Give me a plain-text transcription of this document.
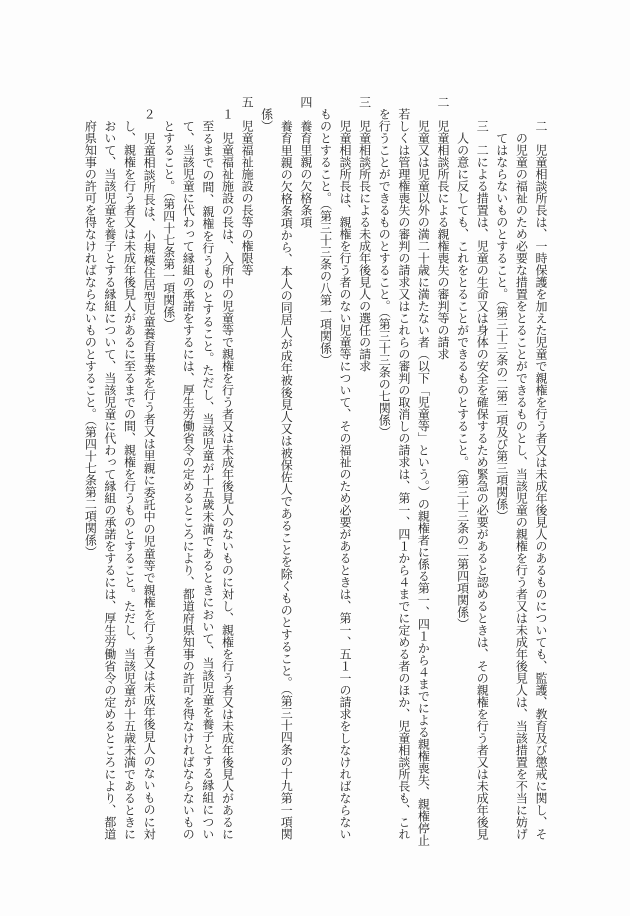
二児童相談所長は、一時保護を加えた児童で親権を行う者又は未成年後見人のあるものについても、監護、教育及び懲戒に関し、そ
の児童の福祉のため必要な措置をとることができるものとし、当該児童の親権を行う者又は未成年後見人は、当該措置を不当に妨げ
てはならないものとすること。（第三十三条の二第二項及び第三項関係）
三二による措置は、児童の生命又は身体の安全を確保するため緊急の必要があると認めるときは、その親権を行う者又は未成年後見
人の意に反しても、これをとることができるものとすること。（第三十三条の二第四項関係）
二児童相談所長による親権喪失の審判等の請求
児童又は児童以外の満二十歳に満たない者（以下「児童等」という。）の親権者に係る第一、四１から４までによる親権喪失、親権停止
若しくは管理権喪失の審判の請求又はこれらの審判の取消しの請求は、第一、四１から４までに定める者のほか、児童相談所長も、これ
を行うことができるものとすること。（第三十三条の七関係）
三児童相談所長による未成年後見人の選任の請求
児童相談所長は、親権を行う者のない児童等について、その福祉のため必要があるときは、第一、五１一の請求をしなければならない
ものとすること。（第三十三条の八第一項関係）
四養育里親の欠格条項
養育里親の欠格条項から、本人の同居人が成年被後見人又は被保佐人であることを除くものとすること。（第三十四条の十九第一項関
係）
五児童福祉施設の長等の権限等
１児童福祉施設の長は、入所中の児童等で親権を行う者又は未成年後見人のないものに対し、親権を行う者又は未成年後見人があるに
至るまでの間、親権を行うものとすること。ただし、当該児童が十五歳未満であるときにおいて、当該児童を養子とする縁組につい
て、当該児童に代わって縁組の承諾をするには、厚生労働省令の定めるところにより、都道府県知事の許可を得なければならないもの
とすること。（第四十七条第一項関係）
２児童相談所長は、小規模住居型児童養育事業を行う者又は里親に委託中の児童等で親権を行う者又は未成年後見人のないものに対
し、親権を行う者又は未成年後見人があるに至るまでの間、親権を行うものとすること。ただし、当該児童が十五歳未満であるときに
おいて、当該児童を養子とする縁組について、当該児童に代わって縁組の承諾をするには、厚生労働省令の定めるところにより、都道
府県知事の許可を得なければならないものとすること。（第四十七条第二項関係）
